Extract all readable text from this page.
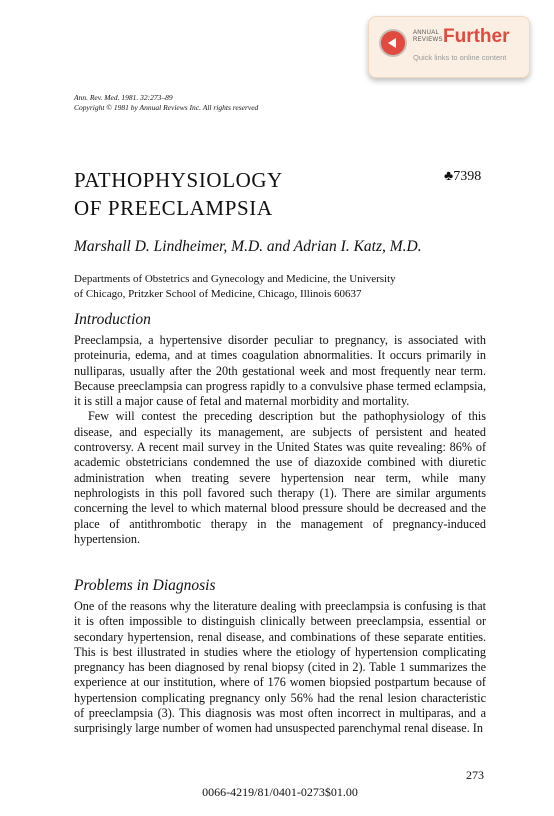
ANNUAL REVIEWS Further
Quick links to online content
Ann. Rev. Med. 1981. 32:273–89
Copyright © 1981 by Annual Reviews Inc. All rights reserved
PATHOPHYSIOLOGY
OF PREECLAMPSIA
♣7398
Marshall D. Lindheimer, M.D. and Adrian I. Katz, M.D.
Departments of Obstetrics and Gynecology and Medicine, the University
of Chicago, Pritzker School of Medicine, Chicago, Illinois 60637
Introduction

Preeclampsia, a hypertensive disorder peculiar to pregnancy, is associated with proteinuria, edema, and at times coagulation abnormalities. It occurs primarily in nulliparas, usually after the 20th gestational week and most frequently near term. Because preeclampsia can progress rapidly to a convulsive phase termed eclampsia, it is still a major cause of fetal and maternal morbidity and mortality.

Few will contest the preceding description but the pathophysiology of this disease, and especially its management, are subjects of persistent and heated controversy. A recent mail survey in the United States was quite revealing: 86% of academic obstetricians condemned the use of diazoxide combined with diuretic administration when treating severe hypertension near term, while many nephrologists in this poll favored such therapy (1). There are similar arguments concerning the level to which maternal blood pressure should be decreased and the place of antithrombotic therapy in the management of pregnancy-induced hypertension.

Problems in Diagnosis

One of the reasons why the literature dealing with preeclampsia is confusing is that it is often impossible to distinguish clinically between preeclampsia, essential or secondary hypertension, renal disease, and combinations of these separate entities. This is best illustrated in studies where the etiology of hypertension complicating pregnancy has been diagnosed by renal biopsy (cited in 2). Table 1 summarizes the experience at our institution, where of 176 women biopsied postpartum because of hypertension complicating pregnancy only 56% had the renal lesion characteristic of preeclampsia (3). This diagnosis was most often incorrect in multiparas, and a surprisingly large number of women had unsuspected parenchymal renal disease. In

273
0066-4219/81/0401-0273$01.00
